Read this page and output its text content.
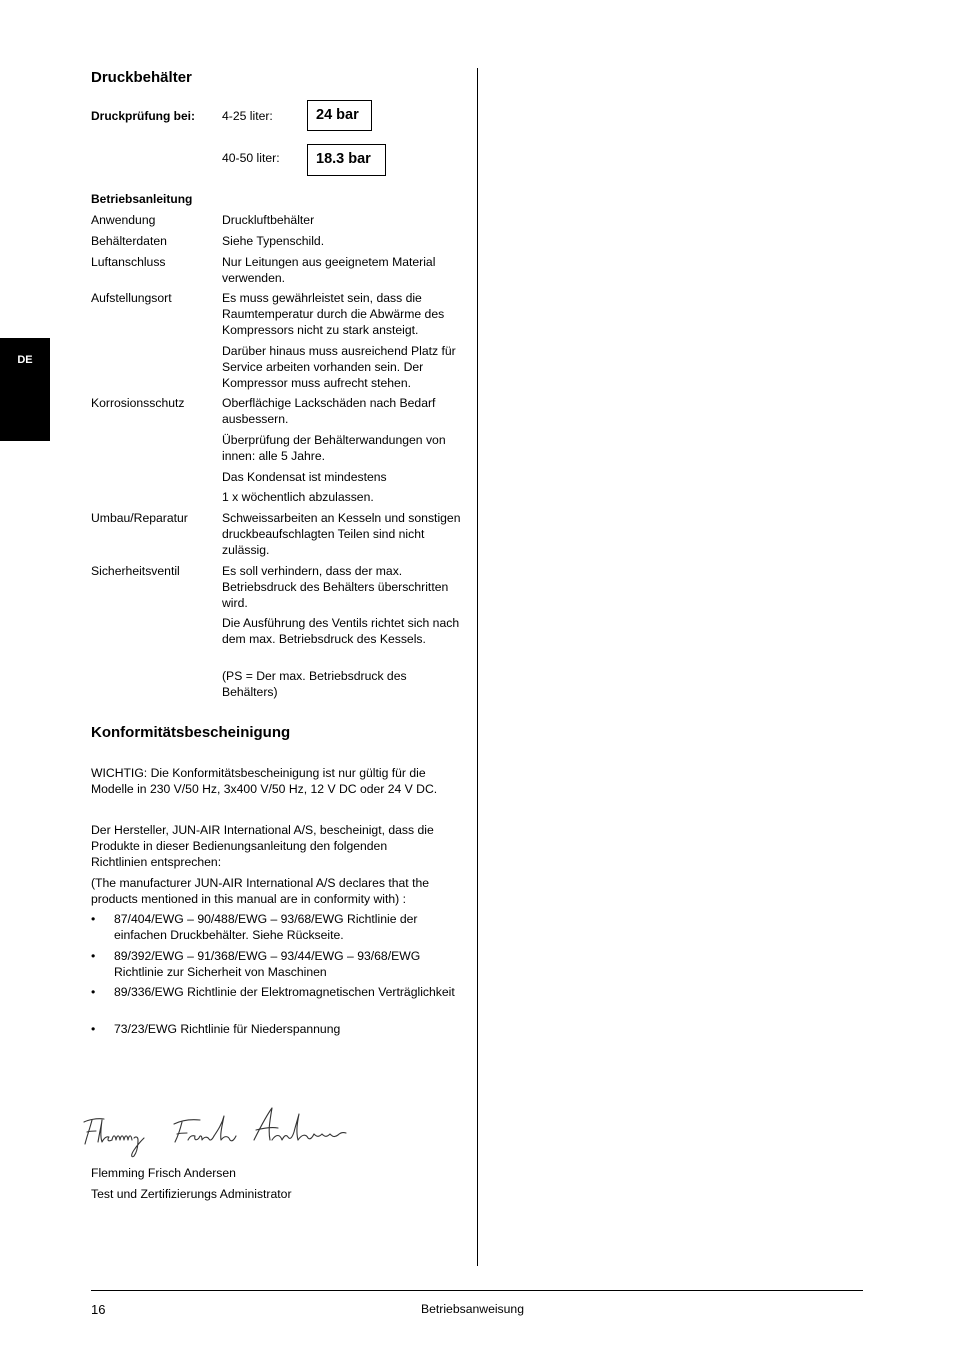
DE
Druckbehälter
Druckprüfung bei: 4-25 liter:	24 bar
40-50 liter:	18.3 bar
Betriebsanleitung
Anwendung	Druckluftbehälter
Behälterdaten	Siehe Typenschild.
Luftanschluss	Nur Leitungen aus geeignetem Material verwenden.
Aufstellungsort	Es muss gewährleistet sein, dass die Raumtemperatur durch die Abwärme des Kompressors nicht zu stark ansteigt.
Darüber hinaus muss ausreichend Platz für Service arbeiten vorhanden sein. Der Kompressor muss aufrecht stehen.
Korrosionsschutz	Oberflächige Lackschäden nach Bedarf ausbessern.
Überprüfung der Behälterwandungen von innen: alle 5 Jahre.
Das Kondensat ist mindestens
1 x wöchentlich abzulassen.
Umbau/Reparatur	Schweissarbeiten an Kesseln und sonstigen druckbeaufschlagten Teilen sind nicht zulässig.
Sicherheitsventil	Es soll verhindern, dass der max. Betriebsdruck des Behälters überschritten wird.
Die Ausführung des Ventils richtet sich nach dem max. Betriebsdruck des Kessels.
(PS = Der max. Betriebsdruck des Behälters)
Konformitätsbescheinigung
WICHTIG: Die Konformitätsbescheinigung ist nur gültig für die Modelle in 230 V/50 Hz, 3x400 V/50 Hz, 12 V DC oder 24 V DC.
Der Hersteller, JUN-AIR International A/S, bescheinigt, dass die Produkte in dieser Bedienungsanleitung den folgenden Richtlinien entsprechen:
(The manufacturer JUN-AIR International A/S declares that the products mentioned in this manual are in conformity with) :
• 87/404/EWG – 90/488/EWG – 93/68/EWG Richtlinie der einfachen Druckbehälter. Siehe Rückseite.
• 89/392/EWG – 91/368/EWG – 93/44/EWG – 93/68/EWG Richtlinie zur Sicherheit von Maschinen
• 89/336/EWG Richtlinie der Elektromagnetischen Verträglichkeit
• 73/23/EWG Richtlinie für Niederspannung
Flemming Frisch Andersen
Test und Zertifizierungs Administrator
16	Betriebsanweisung
